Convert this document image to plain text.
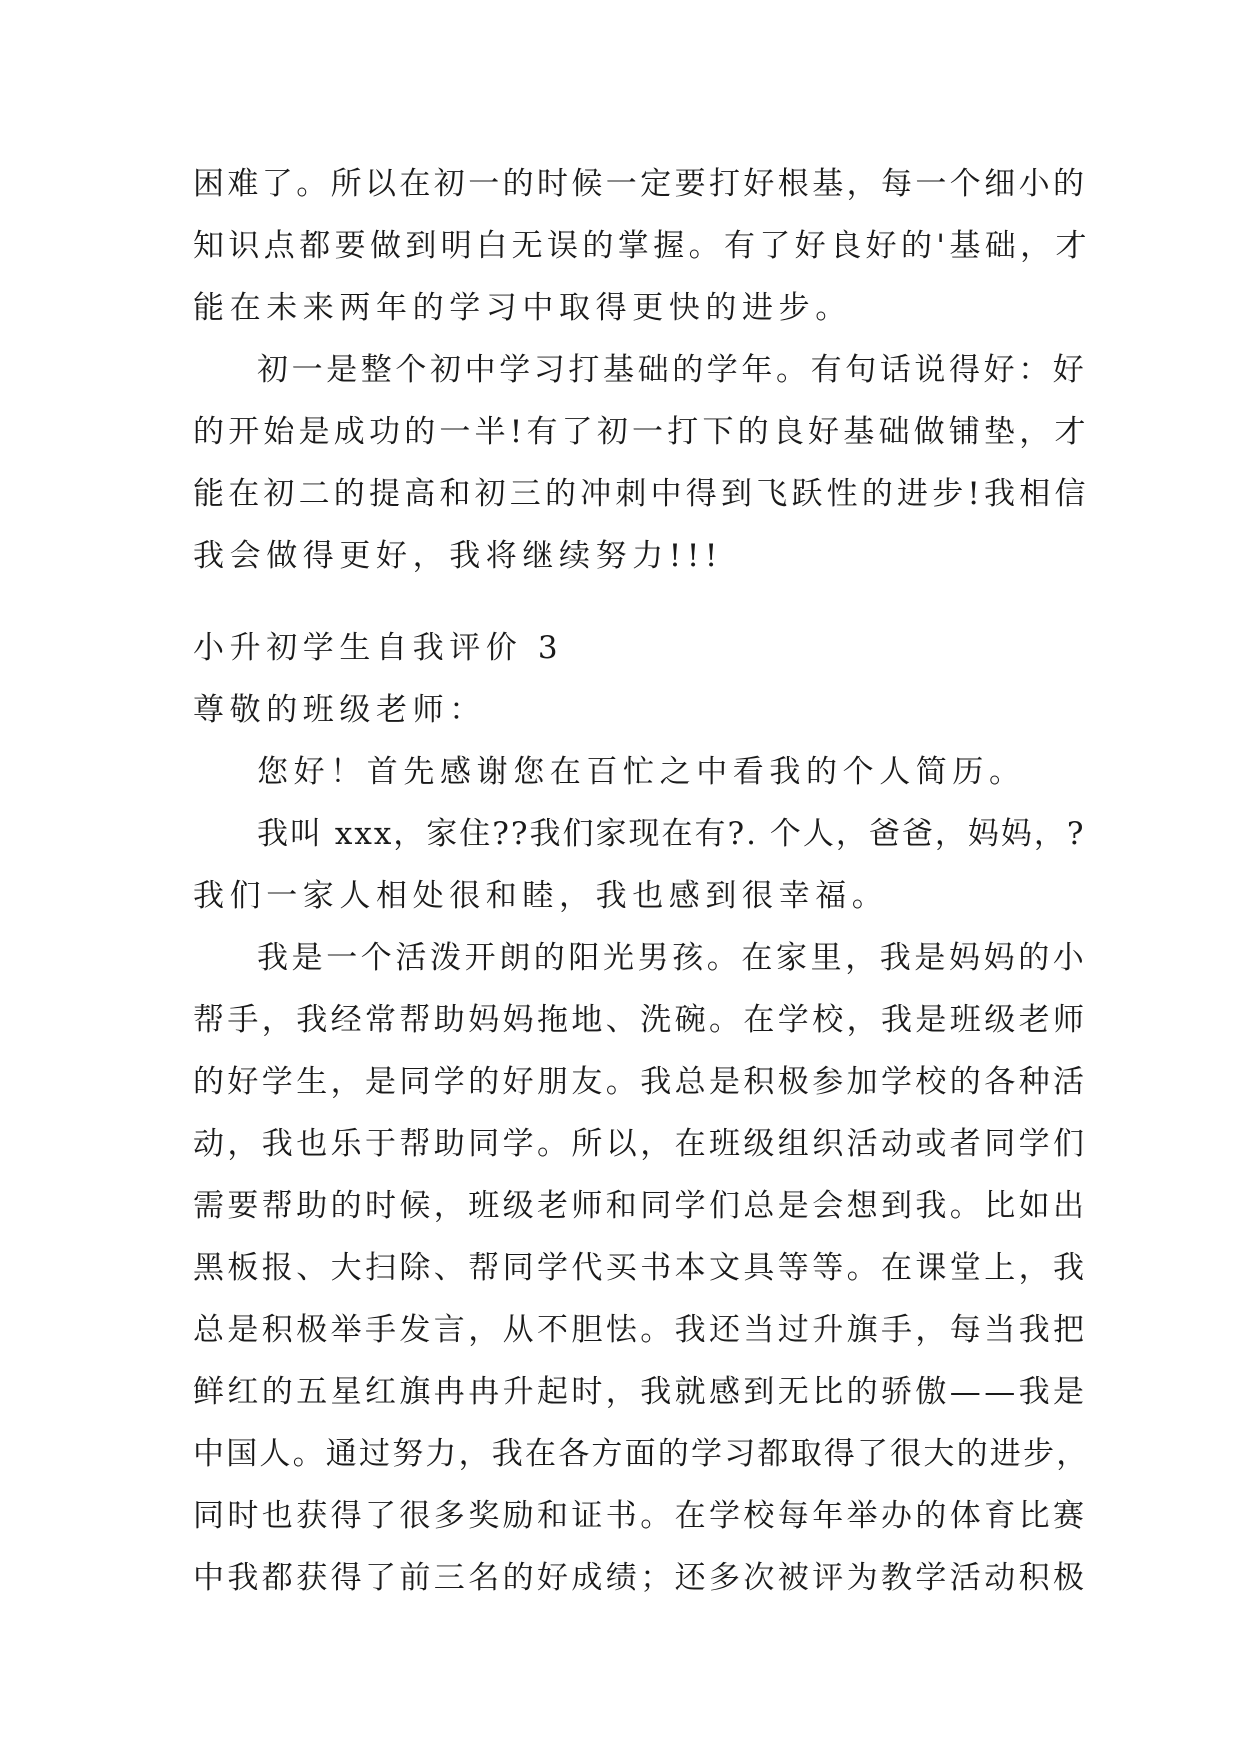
困难了。所以在初一的时候一定要打好根基，每一个细小的
知识点都要做到明白无误的掌握。有了好良好的'基础，才
能在未来两年的学习中取得更快的进步。
初一是整个初中学习打基础的学年。有句话说得好：好
的开始是成功的一半!有了初一打下的良好基础做铺垫，才
能在初二的提高和初三的冲刺中得到飞跃性的进步!我相信
我会做得更好，我将继续努力!!!
小升初学生自我评价 3
尊敬的班级老师：
您好！首先感谢您在百忙之中看我的个人简历。
我叫 xxx，家住??我们家现在有?. 个人，爸爸，妈妈，?
我们一家人相处很和睦，我也感到很幸福。
我是一个活泼开朗的阳光男孩。在家里，我是妈妈的小
帮手，我经常帮助妈妈拖地、洗碗。在学校，我是班级老师
的好学生，是同学的好朋友。我总是积极参加学校的各种活
动，我也乐于帮助同学。所以，在班级组织活动或者同学们
需要帮助的时候，班级老师和同学们总是会想到我。比如出
黑板报、大扫除、帮同学代买书本文具等等。在课堂上，我
总是积极举手发言，从不胆怯。我还当过升旗手，每当我把
鲜红的五星红旗冉冉升起时，我就感到无比的骄傲——我是
中国人。通过努力，我在各方面的学习都取得了很大的进步，
同时也获得了很多奖励和证书。在学校每年举办的体育比赛
中我都获得了前三名的好成绩；还多次被评为教学活动积极
